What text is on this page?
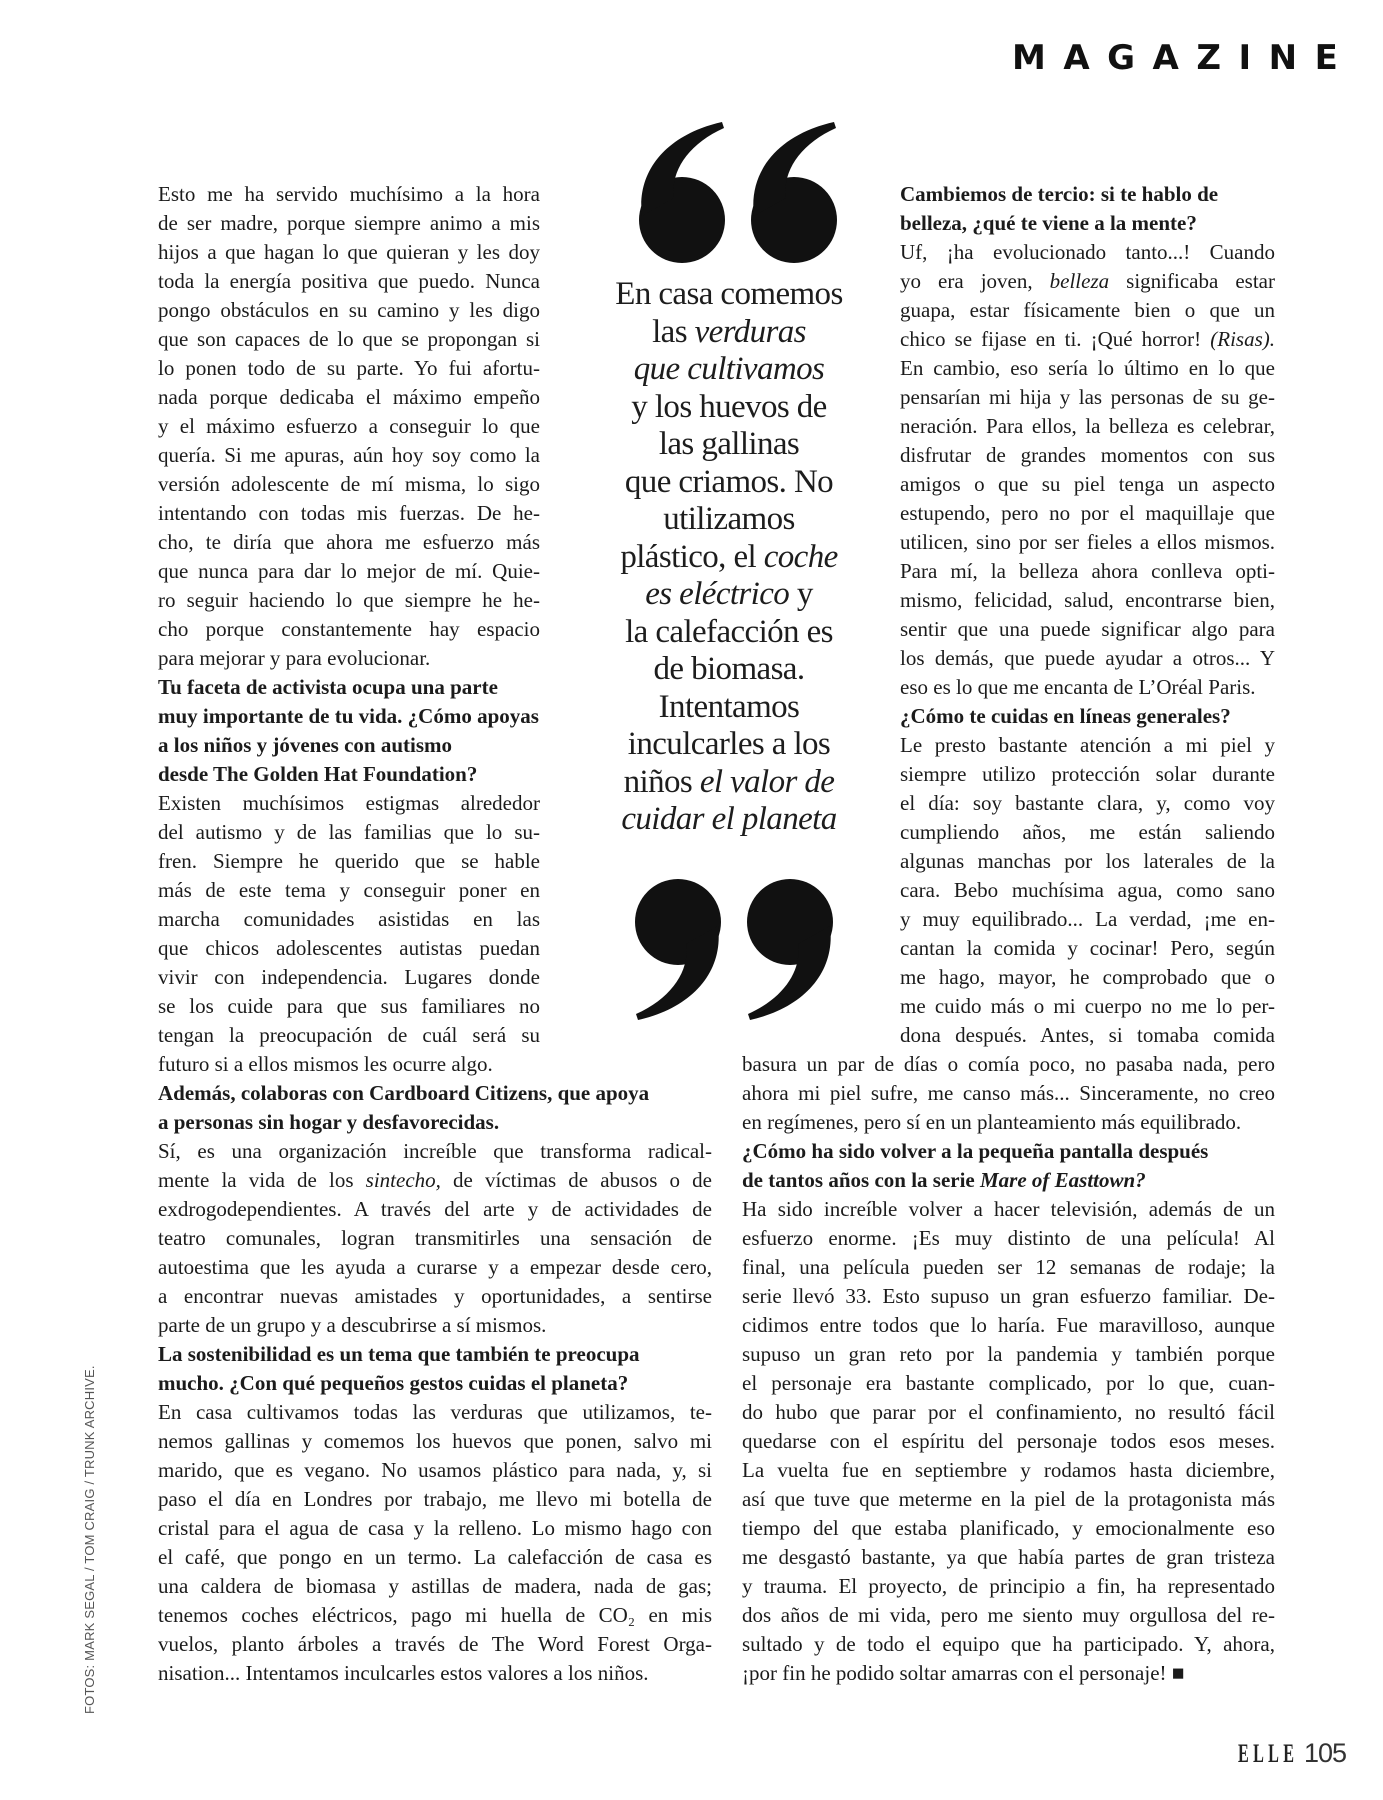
MAGAZINE
Esto me ha servido muchísimo a la hora
de ser madre, porque siempre animo a mis
hijos a que hagan lo que quieran y les doy
toda la energía positiva que puedo. Nunca
pongo obstáculos en su camino y les digo
que son capaces de lo que se propongan si
lo ponen todo de su parte. Yo fui afortu-
nada porque dedicaba el máximo empeño
y el máximo esfuerzo a conseguir lo que
quería. Si me apuras, aún hoy soy como la
versión adolescente de mí misma, lo sigo
intentando con todas mis fuerzas. De he-
cho, te diría que ahora me esfuerzo más
que nunca para dar lo mejor de mí. Quie-
ro seguir haciendo lo que siempre he he-
cho porque constantemente hay espacio
para mejorar y para evolucionar.
Tu faceta de activista ocupa una parte
muy importante de tu vida. ¿Cómo apoyas
a los niños y jóvenes con autismo
desde The Golden Hat Foundation?
Existen muchísimos estigmas alrededor
del autismo y de las familias que lo su-
fren. Siempre he querido que se hable
más de este tema y conseguir poner en
marcha comunidades asistidas en las
que chicos adolescentes autistas puedan
vivir con independencia. Lugares donde
se los cuide para que sus familiares no
tengan la preocupación de cuál será su
futuro si a ellos mismos les ocurre algo.
Además, colaboras con Cardboard Citizens, que apoya
a personas sin hogar y desfavorecidas.
Sí, es una organización increíble que transforma radical-
mente la vida de los sintecho, de víctimas de abusos o de
exdrogodependientes. A través del arte y de actividades de
teatro comunales, logran transmitirles una sensación de
autoestima que les ayuda a curarse y a empezar desde cero,
a encontrar nuevas amistades y oportunidades, a sentirse
parte de un grupo y a descubrirse a sí mismos.
La sostenibilidad es un tema que también te preocupa
mucho. ¿Con qué pequeños gestos cuidas el planeta?
En casa cultivamos todas las verduras que utilizamos, te-
nemos gallinas y comemos los huevos que ponen, salvo mi
marido, que es vegano. No usamos plástico para nada, y, si
paso el día en Londres por trabajo, me llevo mi botella de
cristal para el agua de casa y la relleno. Lo mismo hago con
el café, que pongo en un termo. La calefacción de casa es
una caldera de biomasa y astillas de madera, nada de gas;
tenemos coches eléctricos, pago mi huella de CO₂ en mis
vuelos, planto árboles a través de The Word Forest Orga-
nisation... Intentamos inculcarles estos valores a los niños.
Cambiemos de tercio: si te hablo de
belleza, ¿qué te viene a la mente?
Uf, ¡ha evolucionado tanto...! Cuando
yo era joven, belleza significaba estar
guapa, estar físicamente bien o que un
chico se fijase en ti. ¡Qué horror! (Risas).
En cambio, eso sería lo último en lo que
pensarían mi hija y las personas de su ge-
neración. Para ellos, la belleza es celebrar,
disfrutar de grandes momentos con sus
amigos o que su piel tenga un aspecto
estupendo, pero no por el maquillaje que
utilicen, sino por ser fieles a ellos mismos.
Para mí, la belleza ahora conlleva opti-
mismo, felicidad, salud, encontrarse bien,
sentir que una puede significar algo para
los demás, que puede ayudar a otros... Y
eso es lo que me encanta de L’Oréal Paris.
¿Cómo te cuidas en líneas generales?
Le presto bastante atención a mi piel y
siempre utilizo protección solar durante
el día: soy bastante clara, y, como voy
cumpliendo años, me están saliendo
algunas manchas por los laterales de la
cara. Bebo muchísima agua, como sano
y muy equilibrado... La verdad, ¡me en-
cantan la comida y cocinar! Pero, según
me hago, mayor, he comprobado que o
me cuido más o mi cuerpo no me lo per-
dona después. Antes, si tomaba comida
basura un par de días o comía poco, no pasaba nada, pero
ahora mi piel sufre, me canso más... Sinceramente, no creo
en regímenes, pero sí en un planteamiento más equilibrado.
¿Cómo ha sido volver a la pequeña pantalla después
de tantos años con la serie Mare of Easttown?
Ha sido increíble volver a hacer televisión, además de un
esfuerzo enorme. ¡Es muy distinto de una película! Al
final, una película pueden ser 12 semanas de rodaje; la
serie llevó 33. Esto supuso un gran esfuerzo familiar. De-
cidimos entre todos que lo haría. Fue maravilloso, aunque
supuso un gran reto por la pandemia y también porque
el personaje era bastante complicado, por lo que, cuan-
do hubo que parar por el confinamiento, no resultó fácil
quedarse con el espíritu del personaje todos esos meses.
La vuelta fue en septiembre y rodamos hasta diciembre,
así que tuve que meterme en la piel de la protagonista más
tiempo del que estaba planificado, y emocionalmente eso
me desgastó bastante, ya que había partes de gran tristeza
y trauma. El proyecto, de principio a fin, ha representado
dos años de mi vida, pero me siento muy orgullosa del re-
sultado y de todo el equipo que ha participado. Y, ahora,
¡por fin he podido soltar amarras con el personaje! ■
En casa comemos
las verduras
que cultivamos
y los huevos de
las gallinas
que criamos. No
utilizamos
plástico, el coche
es eléctrico y
la calefacción es
de biomasa.
Intentamos
inculcarles a los
niños el valor de
cuidar el planeta
FOTOS: MARK SEGAL / TOM CRAIG / TRUNK ARCHIVE.
ELLE 105
